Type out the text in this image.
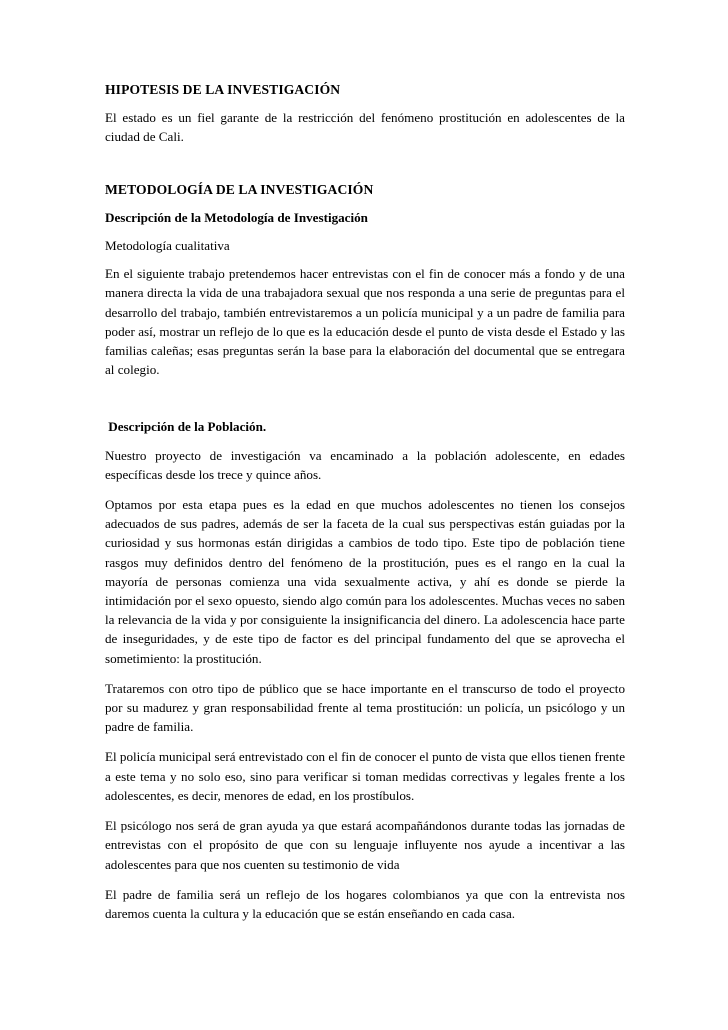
HIPOTESIS DE LA INVESTIGACIÓN

El estado es un fiel garante de la restricción del fenómeno prostitución en adolescentes de la ciudad de Cali.

METODOLOGÍA DE LA INVESTIGACIÓN

Descripción de la Metodología de Investigación

Metodología cualitativa

En el siguiente trabajo pretendemos hacer entrevistas con el fin de conocer más a fondo y de una manera directa la vida de una trabajadora sexual que nos responda a una serie de preguntas para el desarrollo del trabajo, también entrevistaremos a un policía municipal y a un padre de familia para poder así, mostrar un reflejo de lo que es la educación desde el punto de vista desde el Estado y las familias caleñas; esas preguntas serán la base para la elaboración del documental que se entregara al colegio.

Descripción de la Población.

Nuestro proyecto de investigación va encaminado a la población adolescente, en edades específicas desde los trece y quince años.

Optamos por esta etapa pues es la edad en que muchos adolescentes no tienen los consejos adecuados de sus padres, además de ser la faceta de la cual sus perspectivas están guiadas por la curiosidad y sus hormonas están dirigidas a cambios de todo tipo. Este tipo de población tiene rasgos muy definidos dentro del fenómeno de la prostitución, pues es el rango en la cual la mayoría de personas comienza una vida sexualmente activa, y ahí es donde se pierde la intimidación por el sexo opuesto, siendo algo común para los adolescentes. Muchas veces no saben la relevancia de la vida y por consiguiente la insignificancia del dinero. La adolescencia hace parte de inseguridades, y de este tipo de factor es del principal fundamento del que se aprovecha el sometimiento: la prostitución.

Trataremos con otro tipo de público que se hace importante en el transcurso de todo el proyecto por su madurez y gran responsabilidad frente al tema prostitución: un policía, un psicólogo y un padre de familia.

El policía municipal será entrevistado con el fin de conocer el punto de vista que ellos tienen frente a este tema y no solo eso, sino para verificar si toman medidas correctivas y legales frente a los adolescentes, es decir, menores de edad, en los prostíbulos.

El psicólogo nos será de gran ayuda ya que estará acompañándonos durante todas las jornadas de entrevistas con el propósito de que con su lenguaje influyente nos ayude a incentivar a las adolescentes para que nos cuenten su testimonio de vida

El padre de familia será un reflejo de los hogares colombianos ya que con la entrevista nos daremos cuenta la cultura y la educación que se están enseñando en cada casa.
